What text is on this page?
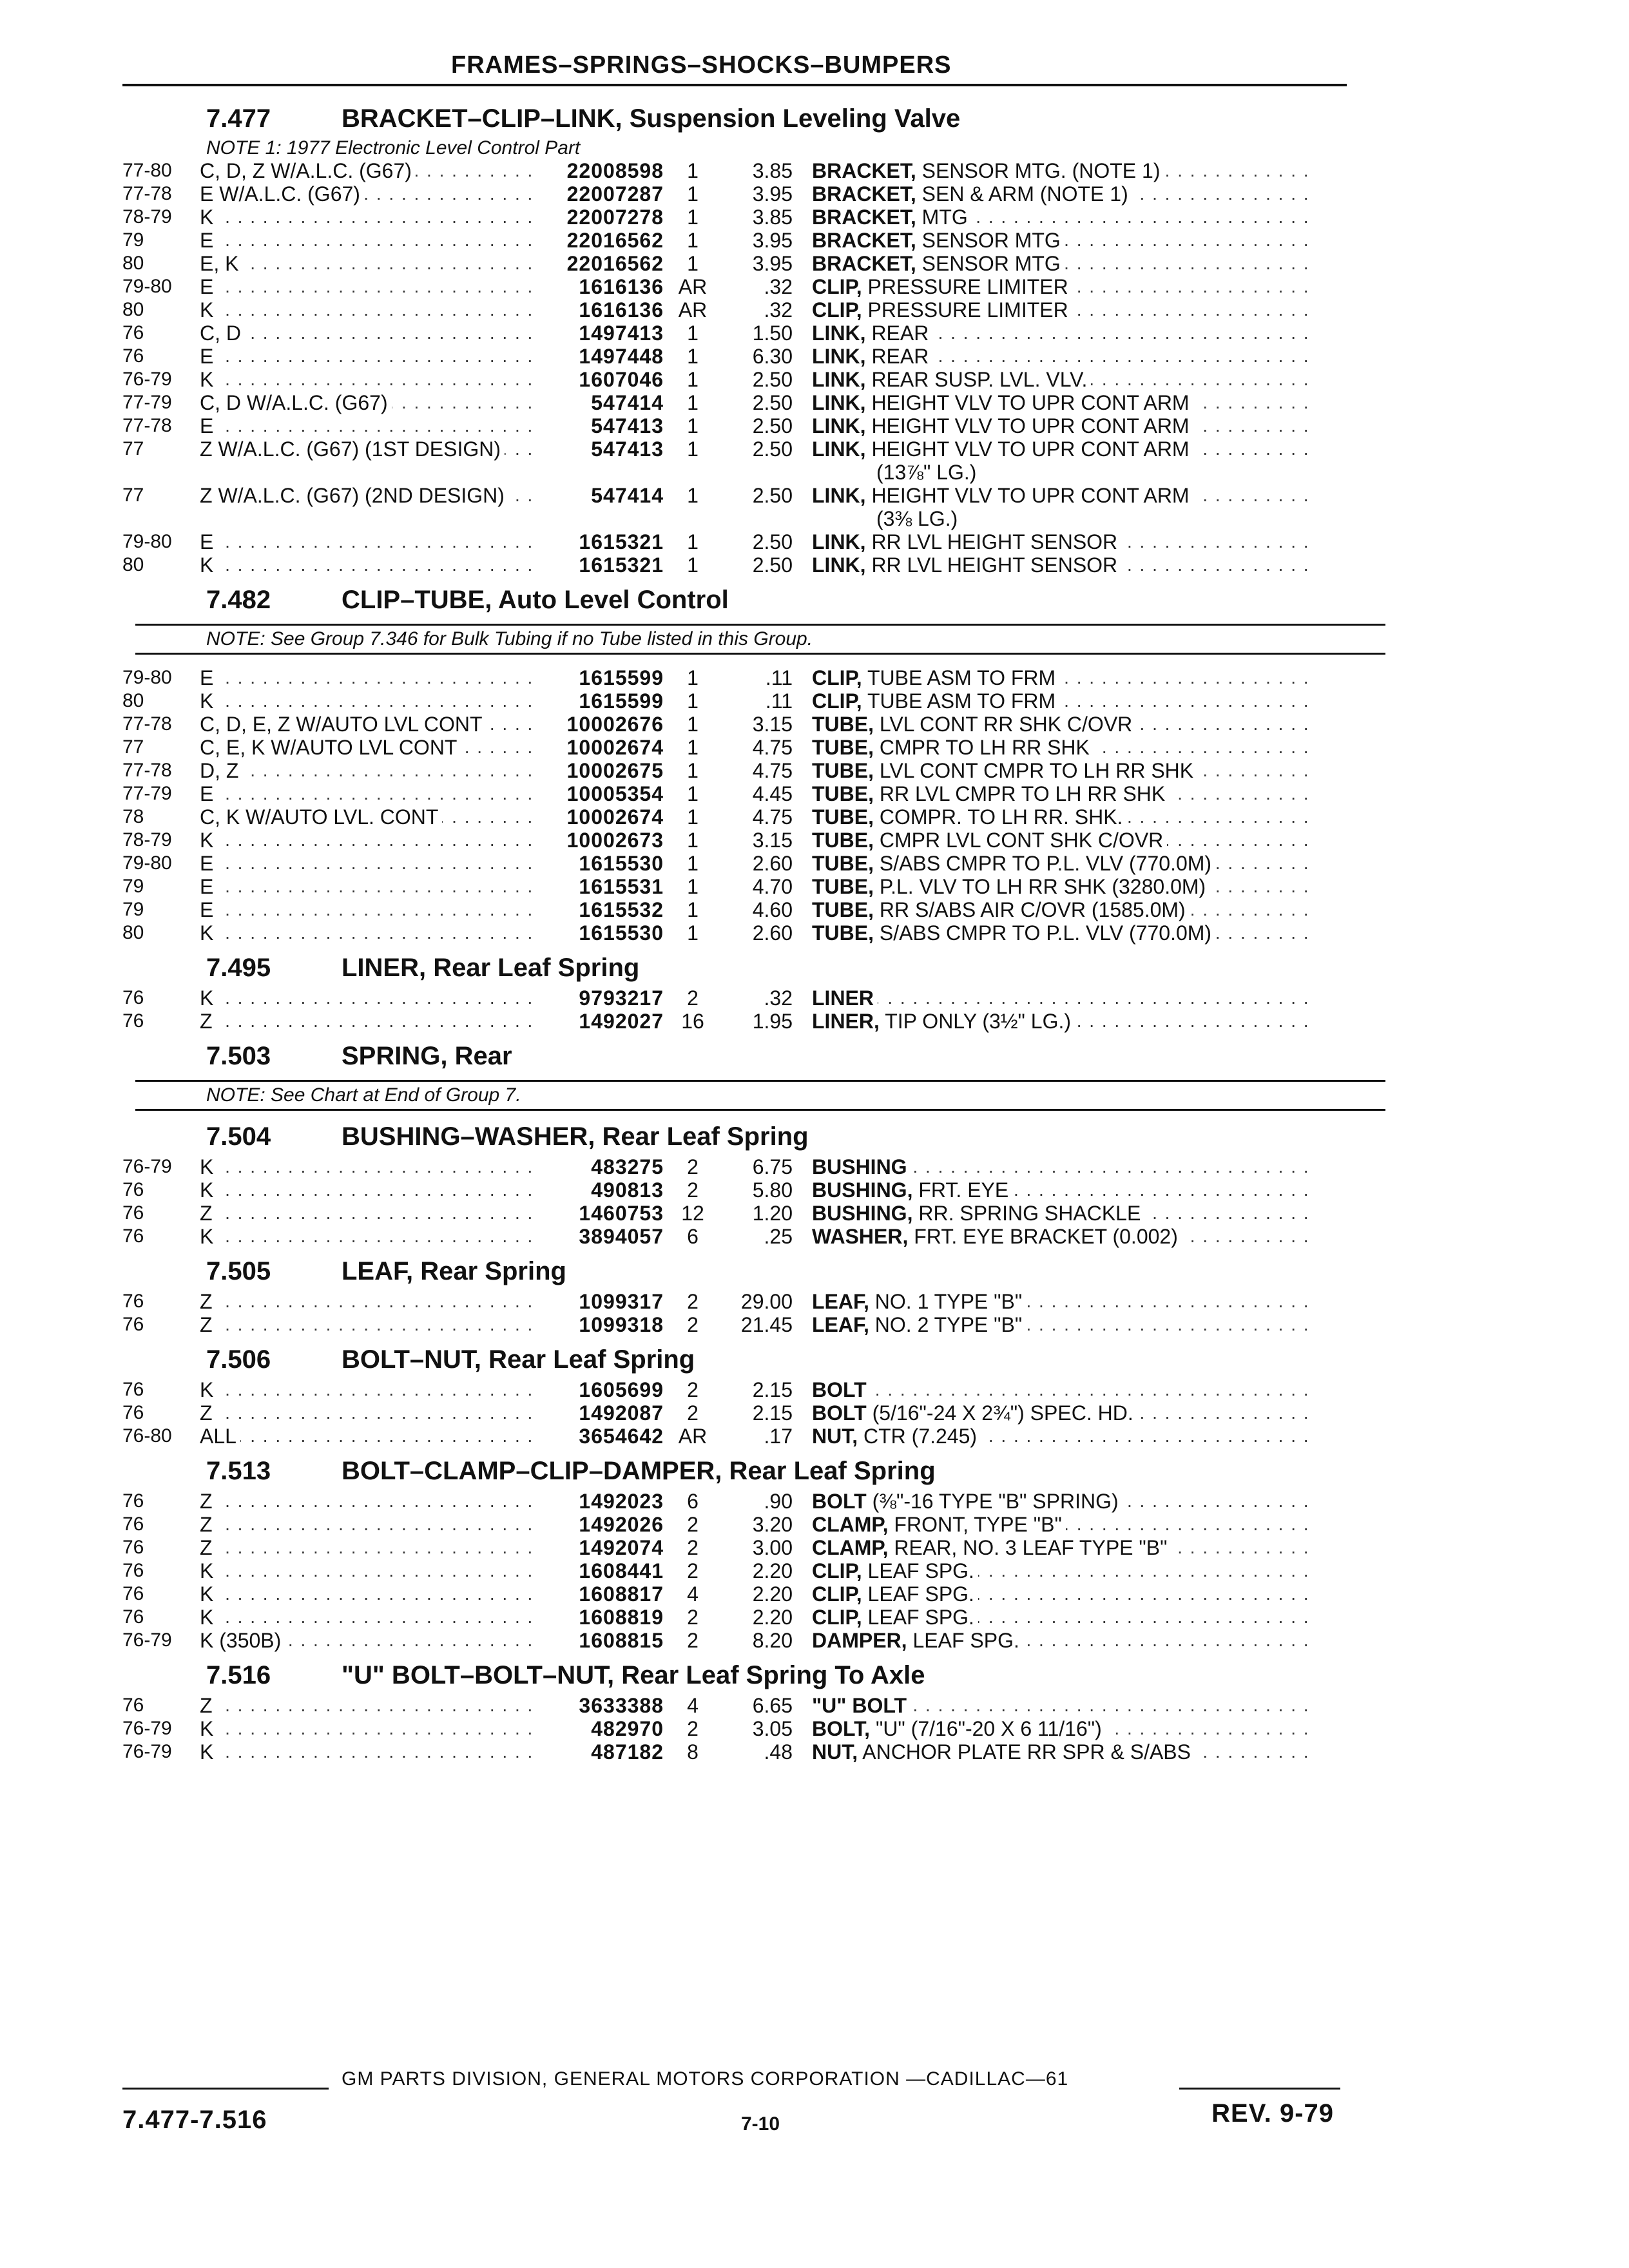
FRAMES–SPRINGS–SHOCKS–BUMPERS
7.477	BRACKET–CLIP–LINK, Suspension Leveling Valve
NOTE 1: 1977 Electronic Level Control Part
77-80	C, D, Z W/A.L.C. (G67) . . .	22008598	1	3.85 BRACKET, SENSOR MTG. (NOTE 1) . . .
77-78	E W/A.L.C. (G67) . . .	22007287	1	3.95 BRACKET, SEN & ARM (NOTE 1) . . .
78-79	K . . .	22007278	1	3.85 BRACKET, MTG . . .
79	E . . .	22016562	1	3.95 BRACKET, SENSOR MTG . . .
80	E, K . . .	22016562	1	3.95 BRACKET, SENSOR MTG . . .
79-80	E . . .	1616136 AR	.32 CLIP, PRESSURE LIMITER . . .
80	K . . .	1616136 AR	.32 CLIP, PRESSURE LIMITER . . .
76	C, D . . .	1497413	1	1.50 LINK, REAR . . .
76	E . . .	1497448	1	6.30 LINK, REAR . . .
76-79	K . . .	1607046	1	2.50 LINK, REAR SUSP. LVL. VLV. . . .
77-79	C, D W/A.L.C. (G67) . . .	547414	1	2.50 LINK, HEIGHT VLV TO UPR CONT ARM . . .
77-78	E . . .	547413	1	2.50 LINK, HEIGHT VLV TO UPR CONT ARM . . .
77	Z W/A.L.C. (G67) (1ST DESIGN) . . .	547413	1	2.50 LINK, HEIGHT VLV TO UPR CONT ARM . . .
(13⅞" LG.)
77	Z W/A.L.C. (G67) (2ND DESIGN) . . .	547414	1	2.50 LINK, HEIGHT VLV TO UPR CONT ARM . . .
(3⅜ LG.)
79-80	E . . .	1615321	1	2.50 LINK, RR LVL HEIGHT SENSOR . . .
80	K . . .	1615321	1	2.50 LINK, RR LVL HEIGHT SENSOR . . .
7.482	CLIP–TUBE, Auto Level Control
NOTE: See Group 7.346 for Bulk Tubing if no Tube listed in this Group.
79-80	E . . .	1615599	1	.11 CLIP, TUBE ASM TO FRM . . .
80	K . . .	1615599	1	.11 CLIP, TUBE ASM TO FRM . . .
77-78	C, D, E, Z W/AUTO LVL CONT . . .	10002676	1	3.15 TUBE, LVL CONT RR SHK C/OVR . . .
77	C, E, K W/AUTO LVL CONT . . .	10002674	1	4.75 TUBE, CMPR TO LH RR SHK . . .
77-78	D, Z . . .	10002675	1	4.75 TUBE, LVL CONT CMPR TO LH RR SHK . . .
77-79	E . . .	10005354	1	4.45 TUBE, RR LVL CMPR TO LH RR SHK . . .
78	C, K W/AUTO LVL. CONT . . .	10002674	1	4.75 TUBE, COMPR. TO LH RR. SHK. . . .
78-79	K . . .	10002673	1	3.15 TUBE, CMPR LVL CONT SHK C/OVR . . .
79-80	E . . .	1615530	1	2.60 TUBE, S/ABS CMPR TO P.L. VLV (770.0M) . . .
79	E . . .	1615531	1	4.70 TUBE, P.L. VLV TO LH RR SHK (3280.0M) . . .
79	E . . .	1615532	1	4.60 TUBE, RR S/ABS AIR C/OVR (1585.0M) . . .
80	K . . .	1615530	1	2.60 TUBE, S/ABS CMPR TO P.L. VLV (770.0M) . . .
7.495	LINER, Rear Leaf Spring
76	K . . .	9793217	2	.32 LINER . . .
76	Z . . .	1492027 16	1.95 LINER, TIP ONLY (3½" LG.) . . .
7.503	SPRING, Rear
NOTE: See Chart at End of Group 7.
7.504	BUSHING–WASHER, Rear Leaf Spring
76-79	K . . .	483275	2	6.75 BUSHING . . .
76	K . . .	490813	2	5.80 BUSHING, FRT. EYE . . .
76	Z . . .	1460753 12	1.20 BUSHING, RR. SPRING SHACKLE . . .
76	K . . .	3894057	6	.25 WASHER, FRT. EYE BRACKET (0.002) . . .
7.505	LEAF, Rear Spring
76	Z . . .	1099317	2	29.00 LEAF, NO. 1 TYPE "B" . . .
76	Z . . .	1099318	2	21.45 LEAF, NO. 2 TYPE "B" . . .
7.506	BOLT–NUT, Rear Leaf Spring
76	K . . .	1605699	2	2.15 BOLT . . .
76	Z . . .	1492087	2	2.15 BOLT (5/16"-24 X 2¾") SPEC. HD. . . .
76-80	ALL . . .	3654642 AR	.17 NUT, CTR (7.245) . . .
7.513	BOLT–CLAMP–CLIP–DAMPER, Rear Leaf Spring
76	Z . . .	1492023	6	.90 BOLT (⅜"-16 TYPE "B" SPRING) . . .
76	Z . . .	1492026	2	3.20 CLAMP, FRONT, TYPE "B" . . .
76	Z . . .	1492074	2	3.00 CLAMP, REAR, NO. 3 LEAF TYPE "B" . . .
76	K . . .	1608441	2	2.20 CLIP, LEAF SPG. . . .
76	K . . .	1608817	4	2.20 CLIP, LEAF SPG. . . .
76	K . . .	1608819	2	2.20 CLIP, LEAF SPG. . . .
76-79	K (350B) . . .	1608815	2	8.20 DAMPER, LEAF SPG. . . .
7.516	"U" BOLT–BOLT–NUT, Rear Leaf Spring To Axle
76	Z . . .	3633388	4	6.65 "U" BOLT . . .
76-79	K . . .	482970	2	3.05 BOLT, "U" (7/16"-20 X 6 11/16") . . .
76-79	K . . .	487182	8	.48 NUT, ANCHOR PLATE RR SPR & S/ABS . . .
GM PARTS DIVISION, GENERAL MOTORS CORPORATION —CADILLAC—61
7.477-7.516	7-10	REV. 9-79
